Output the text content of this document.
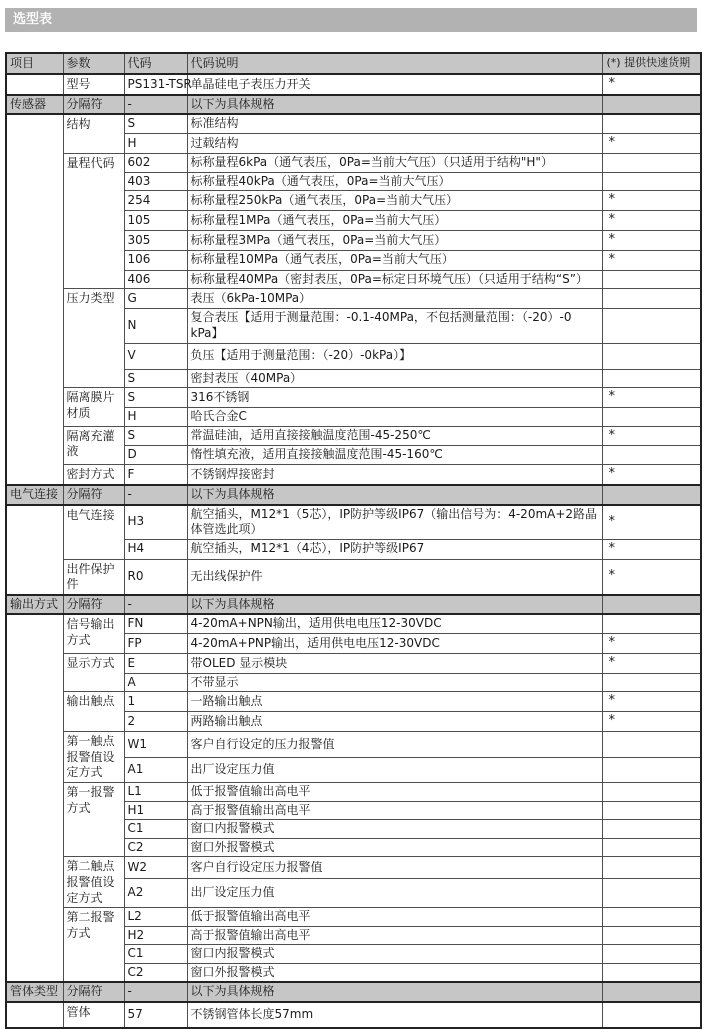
选型表
项目	参数	代码	代码说明	(*) 提供快速货期
	型号	PS131-TSR	单晶硅电子表压力开关	*
传感器	分隔符	-	以下为具体规格	
	结构	S	标准结构	
		H	过载结构	*
	量程代码	602	标称量程6kPa（通气表压，0Pa=当前大气压）（只适用于结构"H"）	
		403	标称量程40kPa（通气表压，0Pa=当前大气压）	
		254	标称量程250kPa（通气表压，0Pa=当前大气压）	*
		105	标称量程1MPa（通气表压，0Pa=当前大气压）	*
		305	标称量程3MPa（通气表压，0Pa=当前大气压）	*
		106	标称量程10MPa（通气表压，0Pa=当前大气压）	*
		406	标称量程40MPa（密封表压，0Pa=标定日环境气压）（只适用于结构“S”）	
	压力类型	G	表压（6kPa-10MPa）	
		N	复合表压【适用于测量范围：-0.1-40MPa，不包括测量范围：（-20）-0 kPa】	
		V	负压【适用于测量范围：（-20）-0kPa）】	
		S	密封表压（40MPa）	
	隔离膜片材质	S	316不锈钢	*
		H	哈氏合金C	
	隔离充灌液	S	常温硅油，适用直接接触温度范围-45-250℃	*
		D	惰性填充液，适用直接接触温度范围-45-160℃	
	密封方式	F	不锈钢焊接密封	*
电气连接	分隔符	-	以下为具体规格	
	电气连接	H3	航空插头，M12*1（5芯），IP防护等级IP67（输出信号为：4-20mA+2路晶体管选此项）	*
		H4	航空插头，M12*1（4芯），IP防护等级IP67	*
	出件保护件	R0	无出线保护件	*
输出方式	分隔符	-	以下为具体规格	
	信号输出方式	FN	4-20mA+NPN输出，适用供电电压12-30VDC	
		FP	4-20mA+PNP输出，适用供电电压12-30VDC	*
	显示方式	E	带OLED 显示模块	*
		A	不带显示	
	输出触点	1	一路输出触点	*
		2	两路输出触点	*
	第一触点报警值设定方式	W1	客户自行设定的压力报警值	
		A1	出厂设定压力值	
	第一报警方式	L1	低于报警值输出高电平	
		H1	高于报警值输出高电平	
		C1	窗口内报警模式	
		C2	窗口外报警模式	
	第二触点报警值设定方式	W2	客户自行设定压力报警值	
		A2	出厂设定压力值	
	第二报警方式	L2	低于报警值输出高电平	
		H2	高于报警值输出高电平	
		C1	窗口内报警模式	
		C2	窗口外报警模式	
管体类型	分隔符	-	以下为具体规格	
	管体	57	不锈钢管体长度57mm	
www.psznh.com
